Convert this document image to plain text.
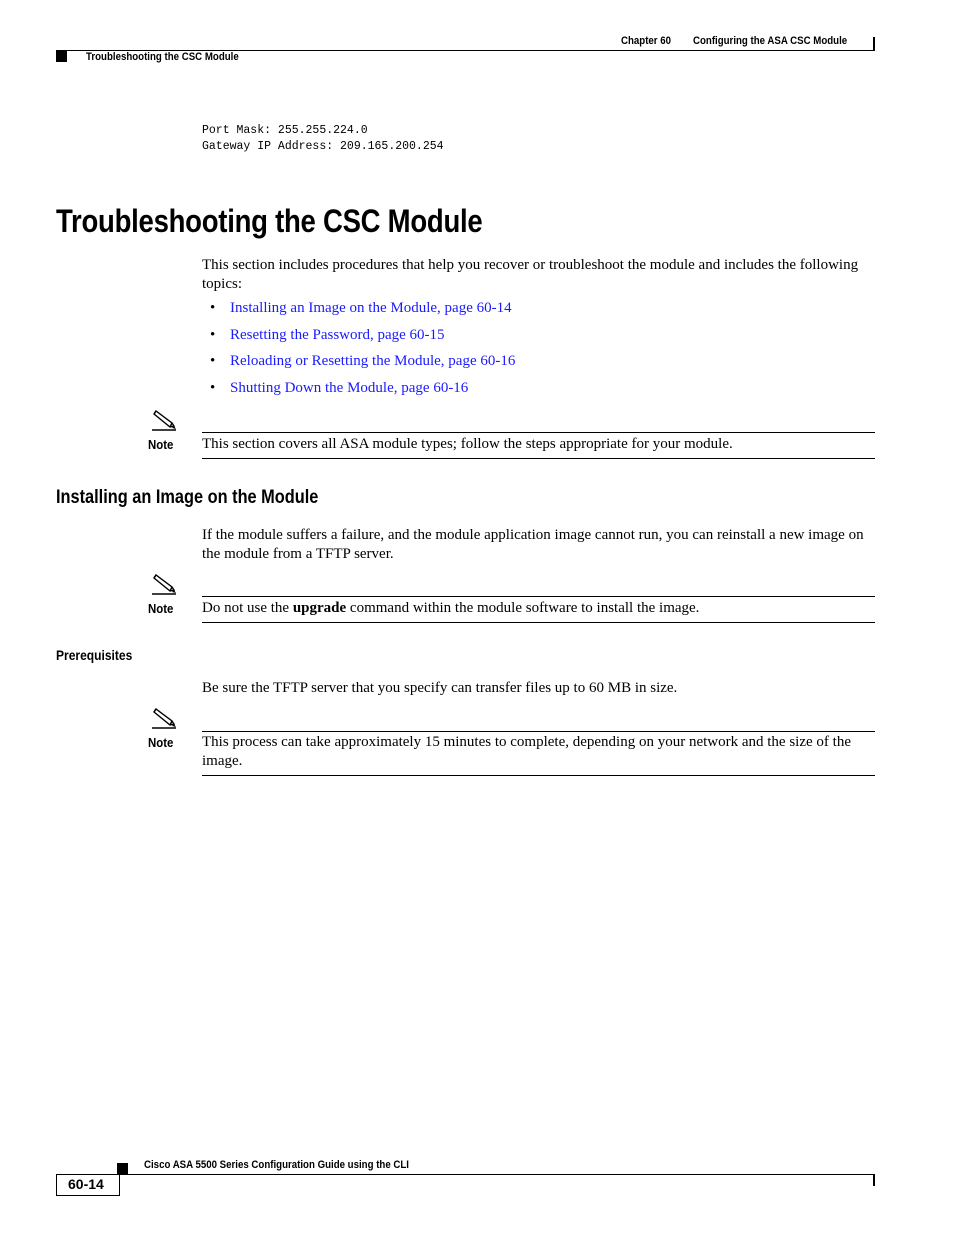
Chapter 60 Configuring the ASA CSC Module
Troubleshooting the CSC Module
Port Mask: 255.255.224.0
Gateway IP Address: 209.165.200.254
Troubleshooting the CSC Module
This section includes procedures that help you recover or troubleshoot the module and includes the following topics:
• Installing an Image on the Module, page 60-14
• Resetting the Password, page 60-15
• Reloading or Resetting the Module, page 60-16
• Shutting Down the Module, page 60-16
Note This section covers all ASA module types; follow the steps appropriate for your module.
Installing an Image on the Module
If the module suffers a failure, and the module application image cannot run, you can reinstall a new image on the module from a TFTP server.
Note Do not use the upgrade command within the module software to install the image.
Prerequisites
Be sure the TFTP server that you specify can transfer files up to 60 MB in size.
Note This process can take approximately 15 minutes to complete, depending on your network and the size of the image.
Cisco ASA 5500 Series Configuration Guide using the CLI
60-14
